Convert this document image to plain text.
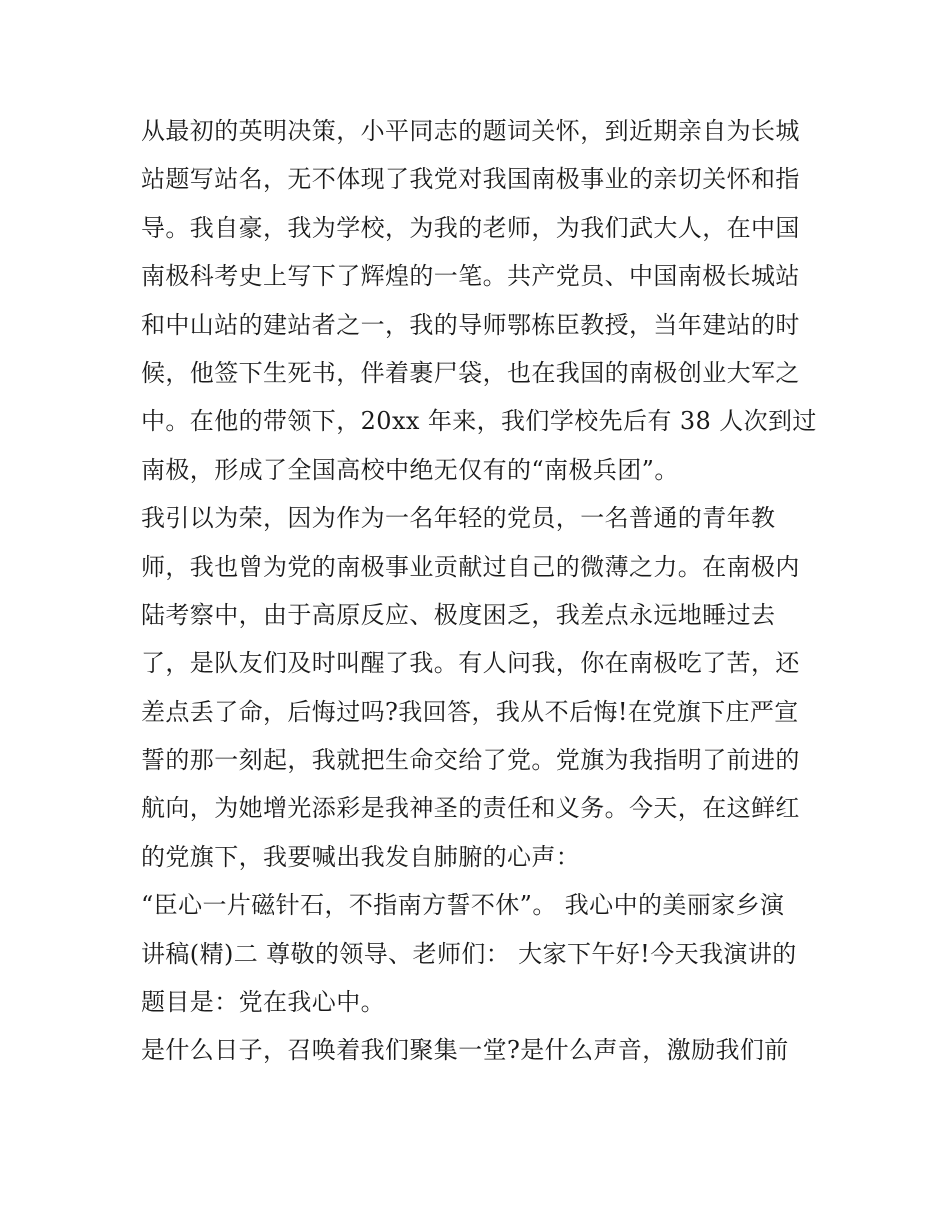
从最初的英明决策，小平同志的题词关怀，到近期亲自为长城
站题写站名，无不体现了我党对我国南极事业的亲切关怀和指
导。我自豪，我为学校，为我的老师，为我们武大人，在中国
南极科考史上写下了辉煌的一笔。共产党员、中国南极长城站
和中山站的建站者之一，我的导师鄂栋臣教授，当年建站的时
候，他签下生死书，伴着裹尸袋，也在我国的南极创业大军之
中。在他的带领下，20xx 年来，我们学校先后有 38 人次到过
南极，形成了全国高校中绝无仅有的“南极兵团”。
我引以为荣，因为作为一名年轻的党员，一名普通的青年教
师，我也曾为党的南极事业贡献过自己的微薄之力。在南极内
陆考察中，由于高原反应、极度困乏，我差点永远地睡过去
了，是队友们及时叫醒了我。有人问我，你在南极吃了苦，还
差点丢了命，后悔过吗?我回答，我从不后悔!在党旗下庄严宣
誓的那一刻起，我就把生命交给了党。党旗为我指明了前进的
航向，为她增光添彩是我神圣的责任和义务。今天，在这鲜红
的党旗下，我要喊出我发自肺腑的心声：
“臣心一片磁针石，不指南方誓不休”。 我心中的美丽家乡演
讲稿(精)二 尊敬的领导、老师们： 大家下午好!今天我演讲的
题目是：党在我心中。
是什么日子，召唤着我们聚集一堂?是什么声音，激励我们前
